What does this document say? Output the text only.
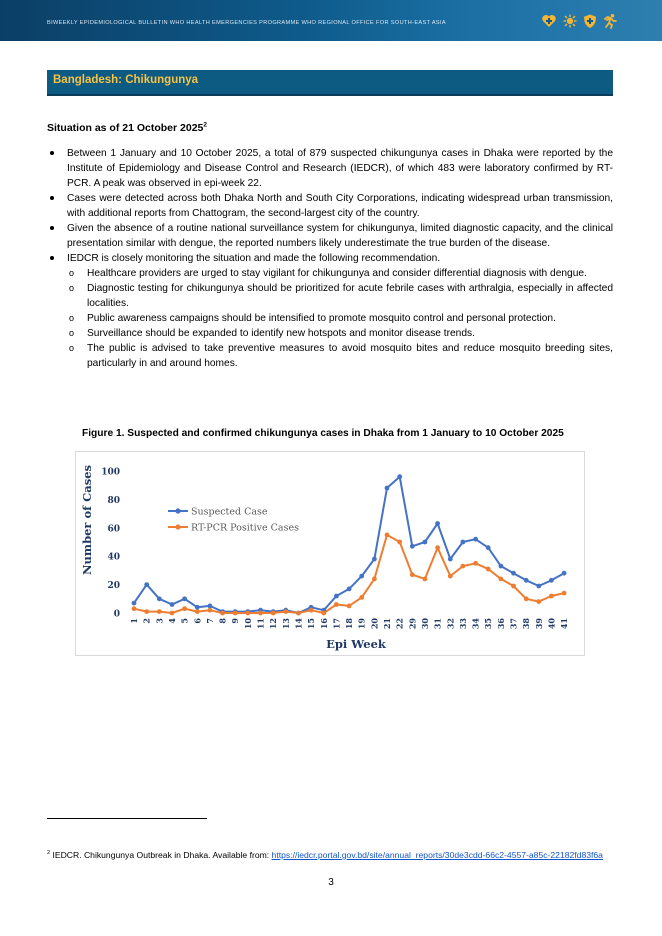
BIWEEKLY EPIDEMIOLOGICAL BULLETIN WHO HEALTH EMERGENCIES PROGRAMME WHO REGIONAL OFFICE FOR SOUTH-EAST ASIA
Bangladesh: Chikungunya
Situation as of 21 October 2025$^2$
Between 1 January and 10 October 2025, a total of 879 suspected chikungunya cases in Dhaka were reported by the Institute of Epidemiology and Disease Control and Research (IEDCR), of which 483 were laboratory confirmed by RT-PCR. A peak was observed in epi-week 22.
Cases were detected across both Dhaka North and South City Corporations, indicating widespread urban transmission, with additional reports from Chattogram, the second-largest city of the country.
Given the absence of a routine national surveillance system for chikungunya, limited diagnostic capacity, and the clinical presentation similar with dengue, the reported numbers likely underestimate the true burden of the disease.
IEDCR is closely monitoring the situation and made the following recommendation.
o Healthcare providers are urged to stay vigilant for chikungunya and consider differential diagnosis with dengue.
o Diagnostic testing for chikungunya should be prioritized for acute febrile cases with arthralgia, especially in affected localities.
o Public awareness campaigns should be intensified to promote mosquito control and personal protection.
o Surveillance should be expanded to identify new hotspots and monitor disease trends.
o The public is advised to take preventive measures to avoid mosquito bites and reduce mosquito breeding sites, particularly in and around homes.
Figure 1. Suspected and confirmed chikungunya cases in Dhaka from 1 January to 10 October 2025
0
20
40
60
80
100
1 2 3 4 5 6 7 8 9 10 11 12 13 14 15 16 17 18 19 20 21 22 29 30 31 32 33 34 35 36 37 38 39 40 41
Suspected Case
RT-PCR Positive Cases
Number of Cases
Epi Week
$^2$ IEDCR. Chikungunya Outbreak in Dhaka. Available from: https://iedcr.portal.gov.bd/site/annual_reports/30de3cdd-66c2-4557-a85c-22182fd83f6a
3
